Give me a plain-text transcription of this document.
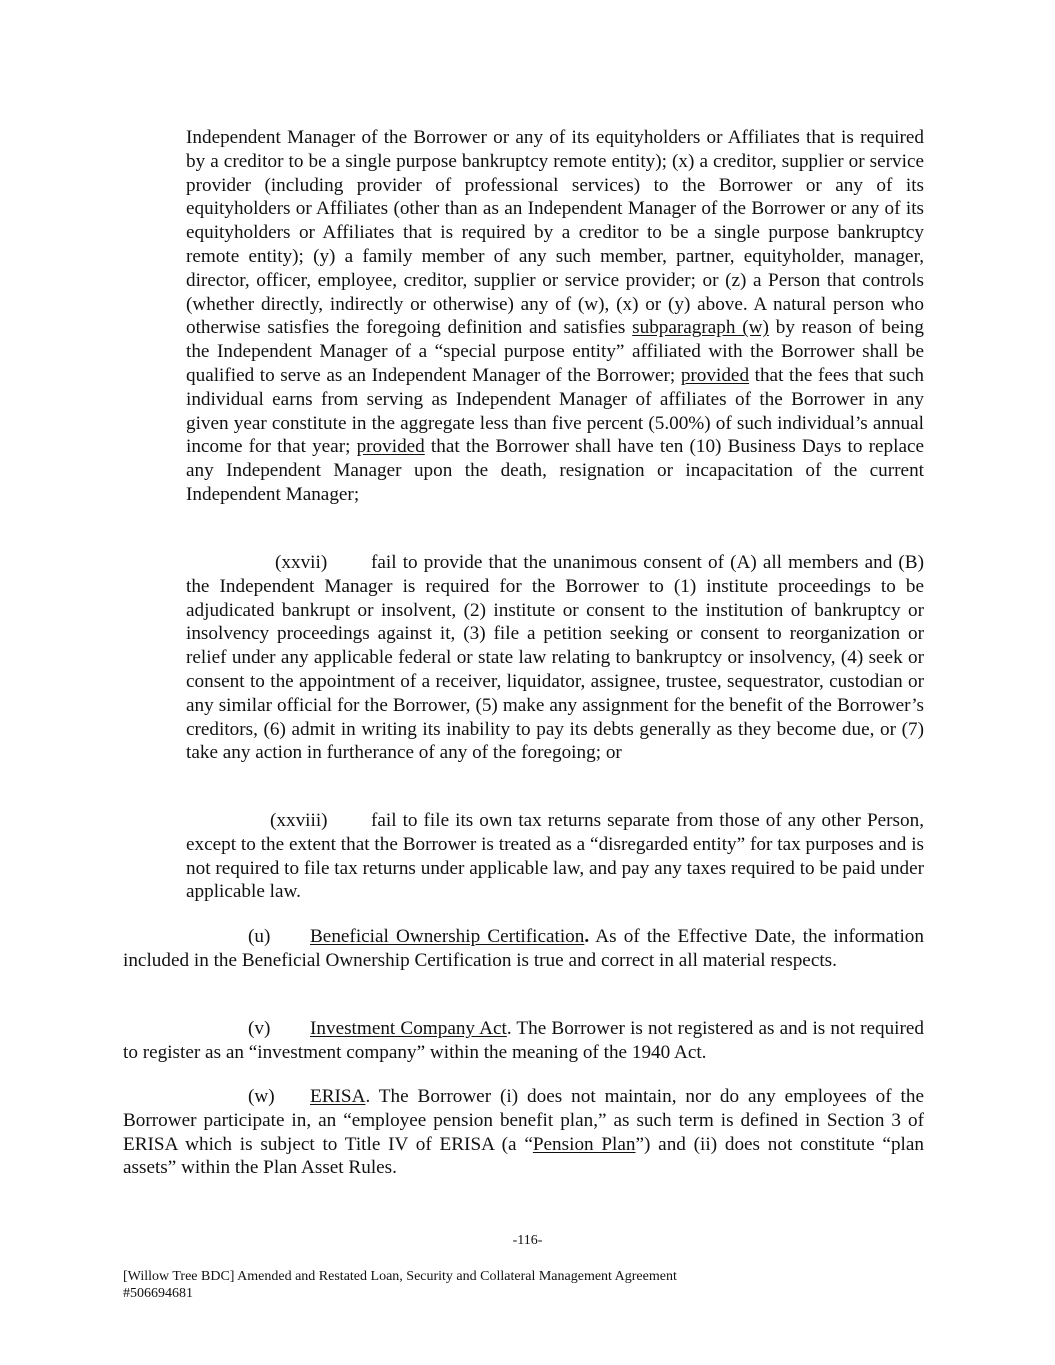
Independent Manager of the Borrower or any of its equityholders or Affiliates that is required by a creditor to be a single purpose bankruptcy remote entity); (x) a creditor, supplier or service provider (including provider of professional services) to the Borrower or any of its equityholders or Affiliates (other than as an Independent Manager of the Borrower or any of its equityholders or Affiliates that is required by a creditor to be a single purpose bankruptcy remote entity); (y) a family member of any such member, partner, equityholder, manager, director, officer, employee, creditor, supplier or service provider; or (z) a Person that controls (whether directly, indirectly or otherwise) any of (w), (x) or (y) above. A natural person who otherwise satisfies the foregoing definition and satisfies subparagraph (w) by reason of being the Independent Manager of a “special purpose entity” affiliated with the Borrower shall be qualified to serve as an Independent Manager of the Borrower; provided that the fees that such individual earns from serving as Independent Manager of affiliates of the Borrower in any given year constitute in the aggregate less than five percent (5.00%) of such individual’s annual income for that year; provided that the Borrower shall have ten (10) Business Days to replace any Independent Manager upon the death, resignation or incapacitation of the current Independent Manager;
(xxvii) fail to provide that the unanimous consent of (A) all members and (B) the Independent Manager is required for the Borrower to (1) institute proceedings to be adjudicated bankrupt or insolvent, (2) institute or consent to the institution of bankruptcy or insolvency proceedings against it, (3) file a petition seeking or consent to reorganization or relief under any applicable federal or state law relating to bankruptcy or insolvency, (4) seek or consent to the appointment of a receiver, liquidator, assignee, trustee, sequestrator, custodian or any similar official for the Borrower, (5) make any assignment for the benefit of the Borrower’s creditors, (6) admit in writing its inability to pay its debts generally as they become due, or (7) take any action in furtherance of any of the foregoing; or
(xxviii) fail to file its own tax returns separate from those of any other Person, except to the extent that the Borrower is treated as a “disregarded entity” for tax purposes and is not required to file tax returns under applicable law, and pay any taxes required to be paid under applicable law.
(u) Beneficial Ownership Certification. As of the Effective Date, the information included in the Beneficial Ownership Certification is true and correct in all material respects.
(v) Investment Company Act. The Borrower is not registered as and is not required to register as an “investment company” within the meaning of the 1940 Act.
(w) ERISA. The Borrower (i) does not maintain, nor do any employees of the Borrower participate in, an “employee pension benefit plan,” as such term is defined in Section 3 of ERISA which is subject to Title IV of ERISA (a “Pension Plan”) and (ii) does not constitute “plan assets” within the Plan Asset Rules.
-116-
[Willow Tree BDC] Amended and Restated Loan, Security and Collateral Management Agreement
#506694681
